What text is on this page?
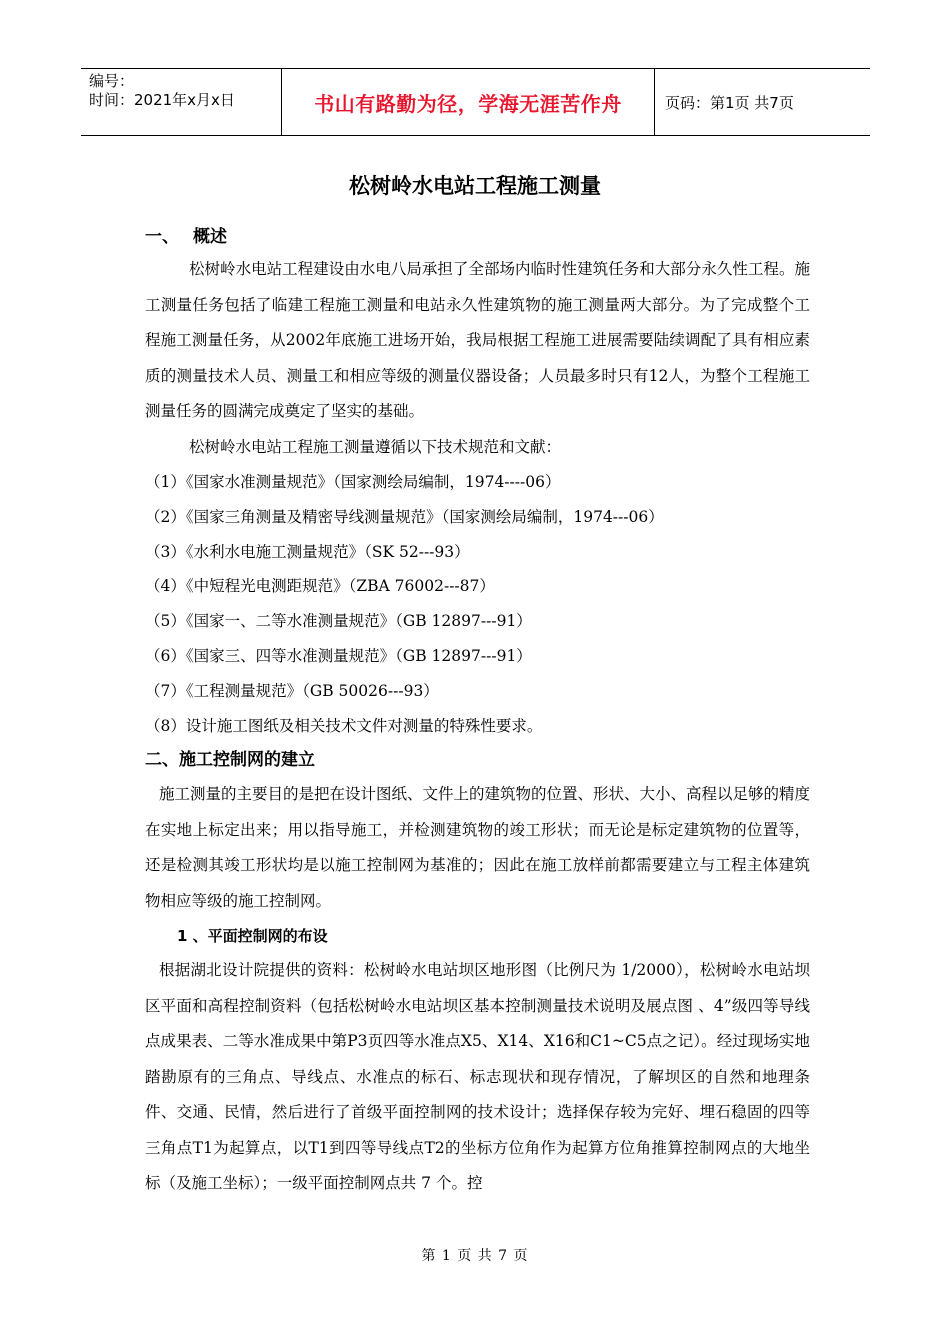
编号：
时间：2021年x月x日	书山有路勤为径，学海无涯苦作舟	页码：第1页 共7页
松树岭水电站工程施工测量
一、 概述

松树岭水电站工程建设由水电八局承担了全部场内临时性建筑任务和大部分永久性工程。施工测量任务包括了临建工程施工测量和电站永久性建筑物的施工测量两大部分。为了完成整个工程施工测量任务，从2002年底施工进场开始，我局根据工程施工进展需要陆续调配了具有相应素质的测量技术人员、测量工和相应等级的测量仪器设备；人员最多时只有12人，为整个工程施工测量任务的圆满完成奠定了坚实的基础。

松树岭水电站工程施工测量遵循以下技术规范和文献：

（1）《国家水准测量规范》（国家测绘局编制，1974----06）
（2）《国家三角测量及精密导线测量规范》（国家测绘局编制，1974---06）
（3）《水利水电施工测量规范》（SK 52---93）
（4）《中短程光电测距规范》（ZBA 76002---87）
（5）《国家一、二等水准测量规范》（GB 12897---91）
（6）《国家三、四等水准测量规范》（GB 12897---91）
（7）《工程测量规范》（GB 50026---93）
（8）设计施工图纸及相关技术文件对测量的特殊性要求。
二、施工控制网的建立

施工测量的主要目的是把在设计图纸、文件上的建筑物的位置、形状、大小、高程以足够的精度在实地上标定出来；用以指导施工，并检测建筑物的竣工形状；而无论是标定建筑物的位置等，还是检测其竣工形状均是以施工控制网为基准的；因此在施工放样前都需要建立与工程主体建筑物相应等级的施工控制网。

1 、平面控制网的布设

根据湖北设计院提供的资料：松树岭水电站坝区地形图（比例尺为 1/2000），松树岭水电站坝区平面和高程控制资料（包括松树岭水电站坝区基本控制测量技术说明及展点图 、4”级四等导线点成果表、二等水准成果中第P3页四等水准点X5、X14、X16和C1~C5点之记）。经过现场实地踏勘原有的三角点、导线点、水准点的标石、标志现状和现存情况，了解坝区的自然和地理条件、交通、民情，然后进行了首级平面控制网的技术设计；选择保存较为完好、埋石稳固的四等三角点T1为起算点，以T1到四等导线点T2的坐标方位角作为起算方位角推算控制网点的大地坐标（及施工坐标）；一级平面控制网点共 7 个。控

第 1 页 共 7 页
